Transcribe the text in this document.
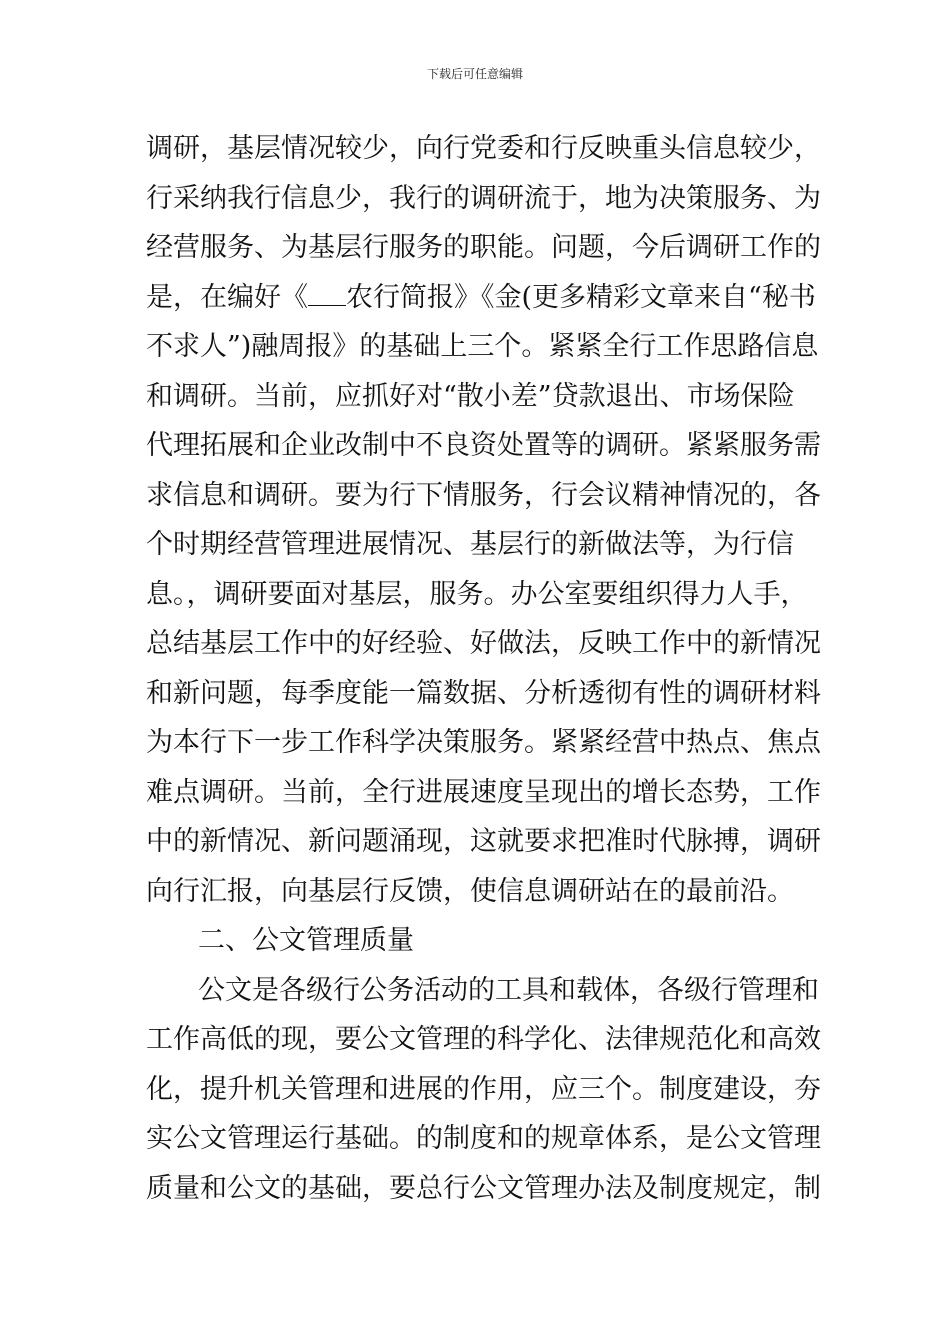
下载后可任意编辑
调研，基层情况较少，向行党委和行反映重头信息较少，
行采纳我行信息少，我行的调研流于，地为决策服务、为
经营服务、为基层行服务的职能。问题，今后调研工作的
是，在编好《 农行简报》《金(更多精彩文章来自“秘书
不求人”)融周报》的基础上三个。紧紧全行工作思路信息
和调研。当前，应抓好对“散小差”贷款退出、市场保险
代理拓展和企业改制中不良资处置等的调研。紧紧服务需
求信息和调研。要为行下情服务，行会议精神情况的，各
个时期经营管理进展情况、基层行的新做法等，为行信
息。，调研要面对基层，服务。办公室要组织得力人手，
总结基层工作中的好经验、好做法，反映工作中的新情况
和新问题，每季度能一篇数据、分析透彻有性的调研材料
为本行下一步工作科学决策服务。紧紧经营中热点、焦点
难点调研。当前，全行进展速度呈现出的增长态势，工作
中的新情况、新问题涌现，这就要求把准时代脉搏，调研
向行汇报，向基层行反馈，使信息调研站在的最前沿。
二、公文管理质量
公文是各级行公务活动的工具和载体，各级行管理和
工作高低的现，要公文管理的科学化、法律规范化和高效
化，提升机关管理和进展的作用，应三个。制度建设，夯
实公文管理运行基础。的制度和的规章体系，是公文管理
质量和公文的基础，要总行公文管理办法及制度规定，制
